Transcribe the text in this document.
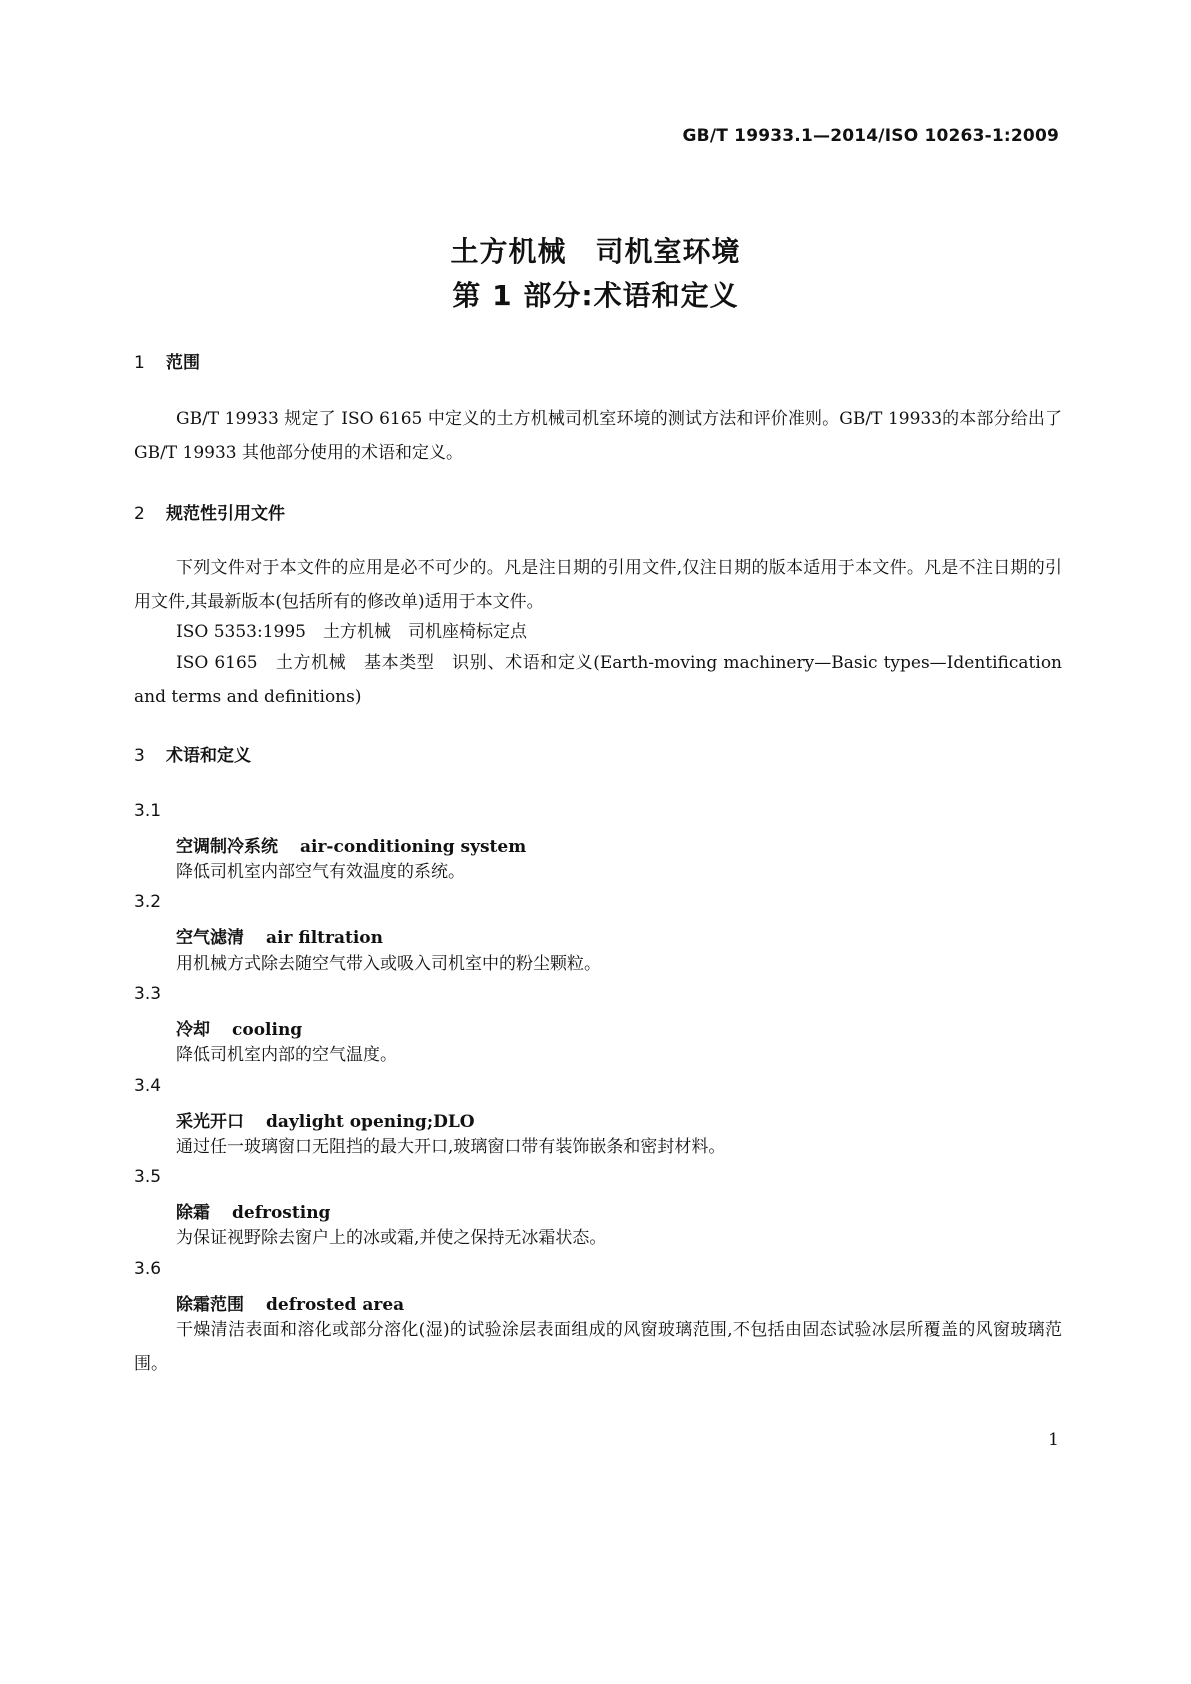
GB/T 19933.1—2014/ISO 10263-1:2009
土方机械　司机室环境
第 1 部分:术语和定义
1 范围
GB/T 19933 规定了 ISO 6165 中定义的土方机械司机室环境的测试方法和评价准则。GB/T 19933的本部分给出了 GB/T 19933 其他部分使用的术语和定义。
2 规范性引用文件
下列文件对于本文件的应用是必不可少的。凡是注日期的引用文件,仅注日期的版本适用于本文件。凡是不注日期的引用文件,其最新版本(包括所有的修改单)适用于本文件。
ISO 5353:1995　土方机械　司机座椅标定点
ISO 6165　土方机械　基本类型　识别、术语和定义(Earth-moving machinery—Basic types—Identification and terms and definitions)
3 术语和定义
3.1
空调制冷系统 air-conditioning system
降低司机室内部空气有效温度的系统。
3.2
空气滤清 air filtration
用机械方式除去随空气带入或吸入司机室中的粉尘颗粒。
3.3
冷却 cooling
降低司机室内部的空气温度。
3.4
采光开口 daylight opening;DLO
通过任一玻璃窗口无阻挡的最大开口,玻璃窗口带有装饰嵌条和密封材料。
3.5
除霜 defrosting
为保证视野除去窗户上的冰或霜,并使之保持无冰霜状态。
3.6
除霜范围 defrosted area
干燥清洁表面和溶化或部分溶化(湿)的试验涂层表面组成的风窗玻璃范围,不包括由固态试验冰层所覆盖的风窗玻璃范围。
1
